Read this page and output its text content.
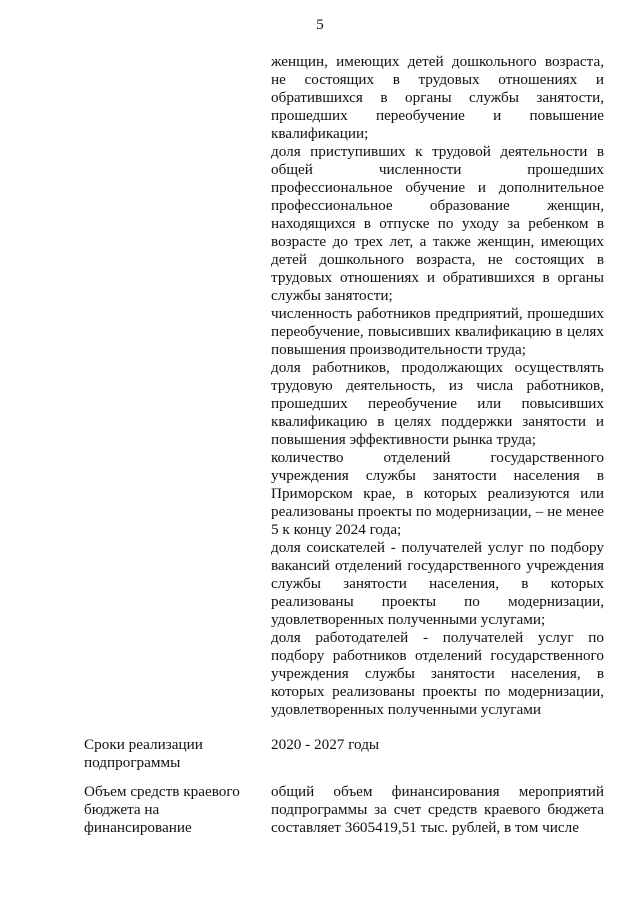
5
женщин, имеющих детей дошкольного возраста, не состоящих в трудовых отношениях и обратившихся в органы службы занятости, прошедших переобучение и повышение квалификации;
доля приступивших к трудовой деятельности в общей численности прошедших профессиональное обучение и дополнительное профессиональное образование женщин, находящихся в отпуске по уходу за ребенком в возрасте до трех лет, а также женщин, имеющих детей дошкольного возраста, не состоящих в трудовых отношениях и обратившихся в органы службы занятости;
численность работников предприятий, прошедших переобучение, повысивших квалификацию в целях повышения производительности труда;
доля работников, продолжающих осуществлять трудовую деятельность, из числа работников, прошедших переобучение или повысивших квалификацию в целях поддержки занятости и повышения эффективности рынка труда;
количество отделений государственного учреждения службы занятости населения в Приморском крае, в которых реализуются или реализованы проекты по модернизации, – не менее 5 к концу 2024 года;
доля соискателей - получателей услуг по подбору вакансий отделений государственного учреждения службы занятости населения, в которых реализованы проекты по модернизации, удовлетворенных полученными услугами;
доля работодателей - получателей услуг по подбору работников отделений государственного учреждения службы занятости населения, в которых реализованы проекты по модернизации, удовлетворенных полученными услугами
Сроки реализации подпрограммы
2020 - 2027 годы
Объем средств краевого бюджета на финансирование
общий объем финансирования мероприятий подпрограммы за счет средств краевого бюджета составляет 3605419,51 тыс. рублей, в том числе
